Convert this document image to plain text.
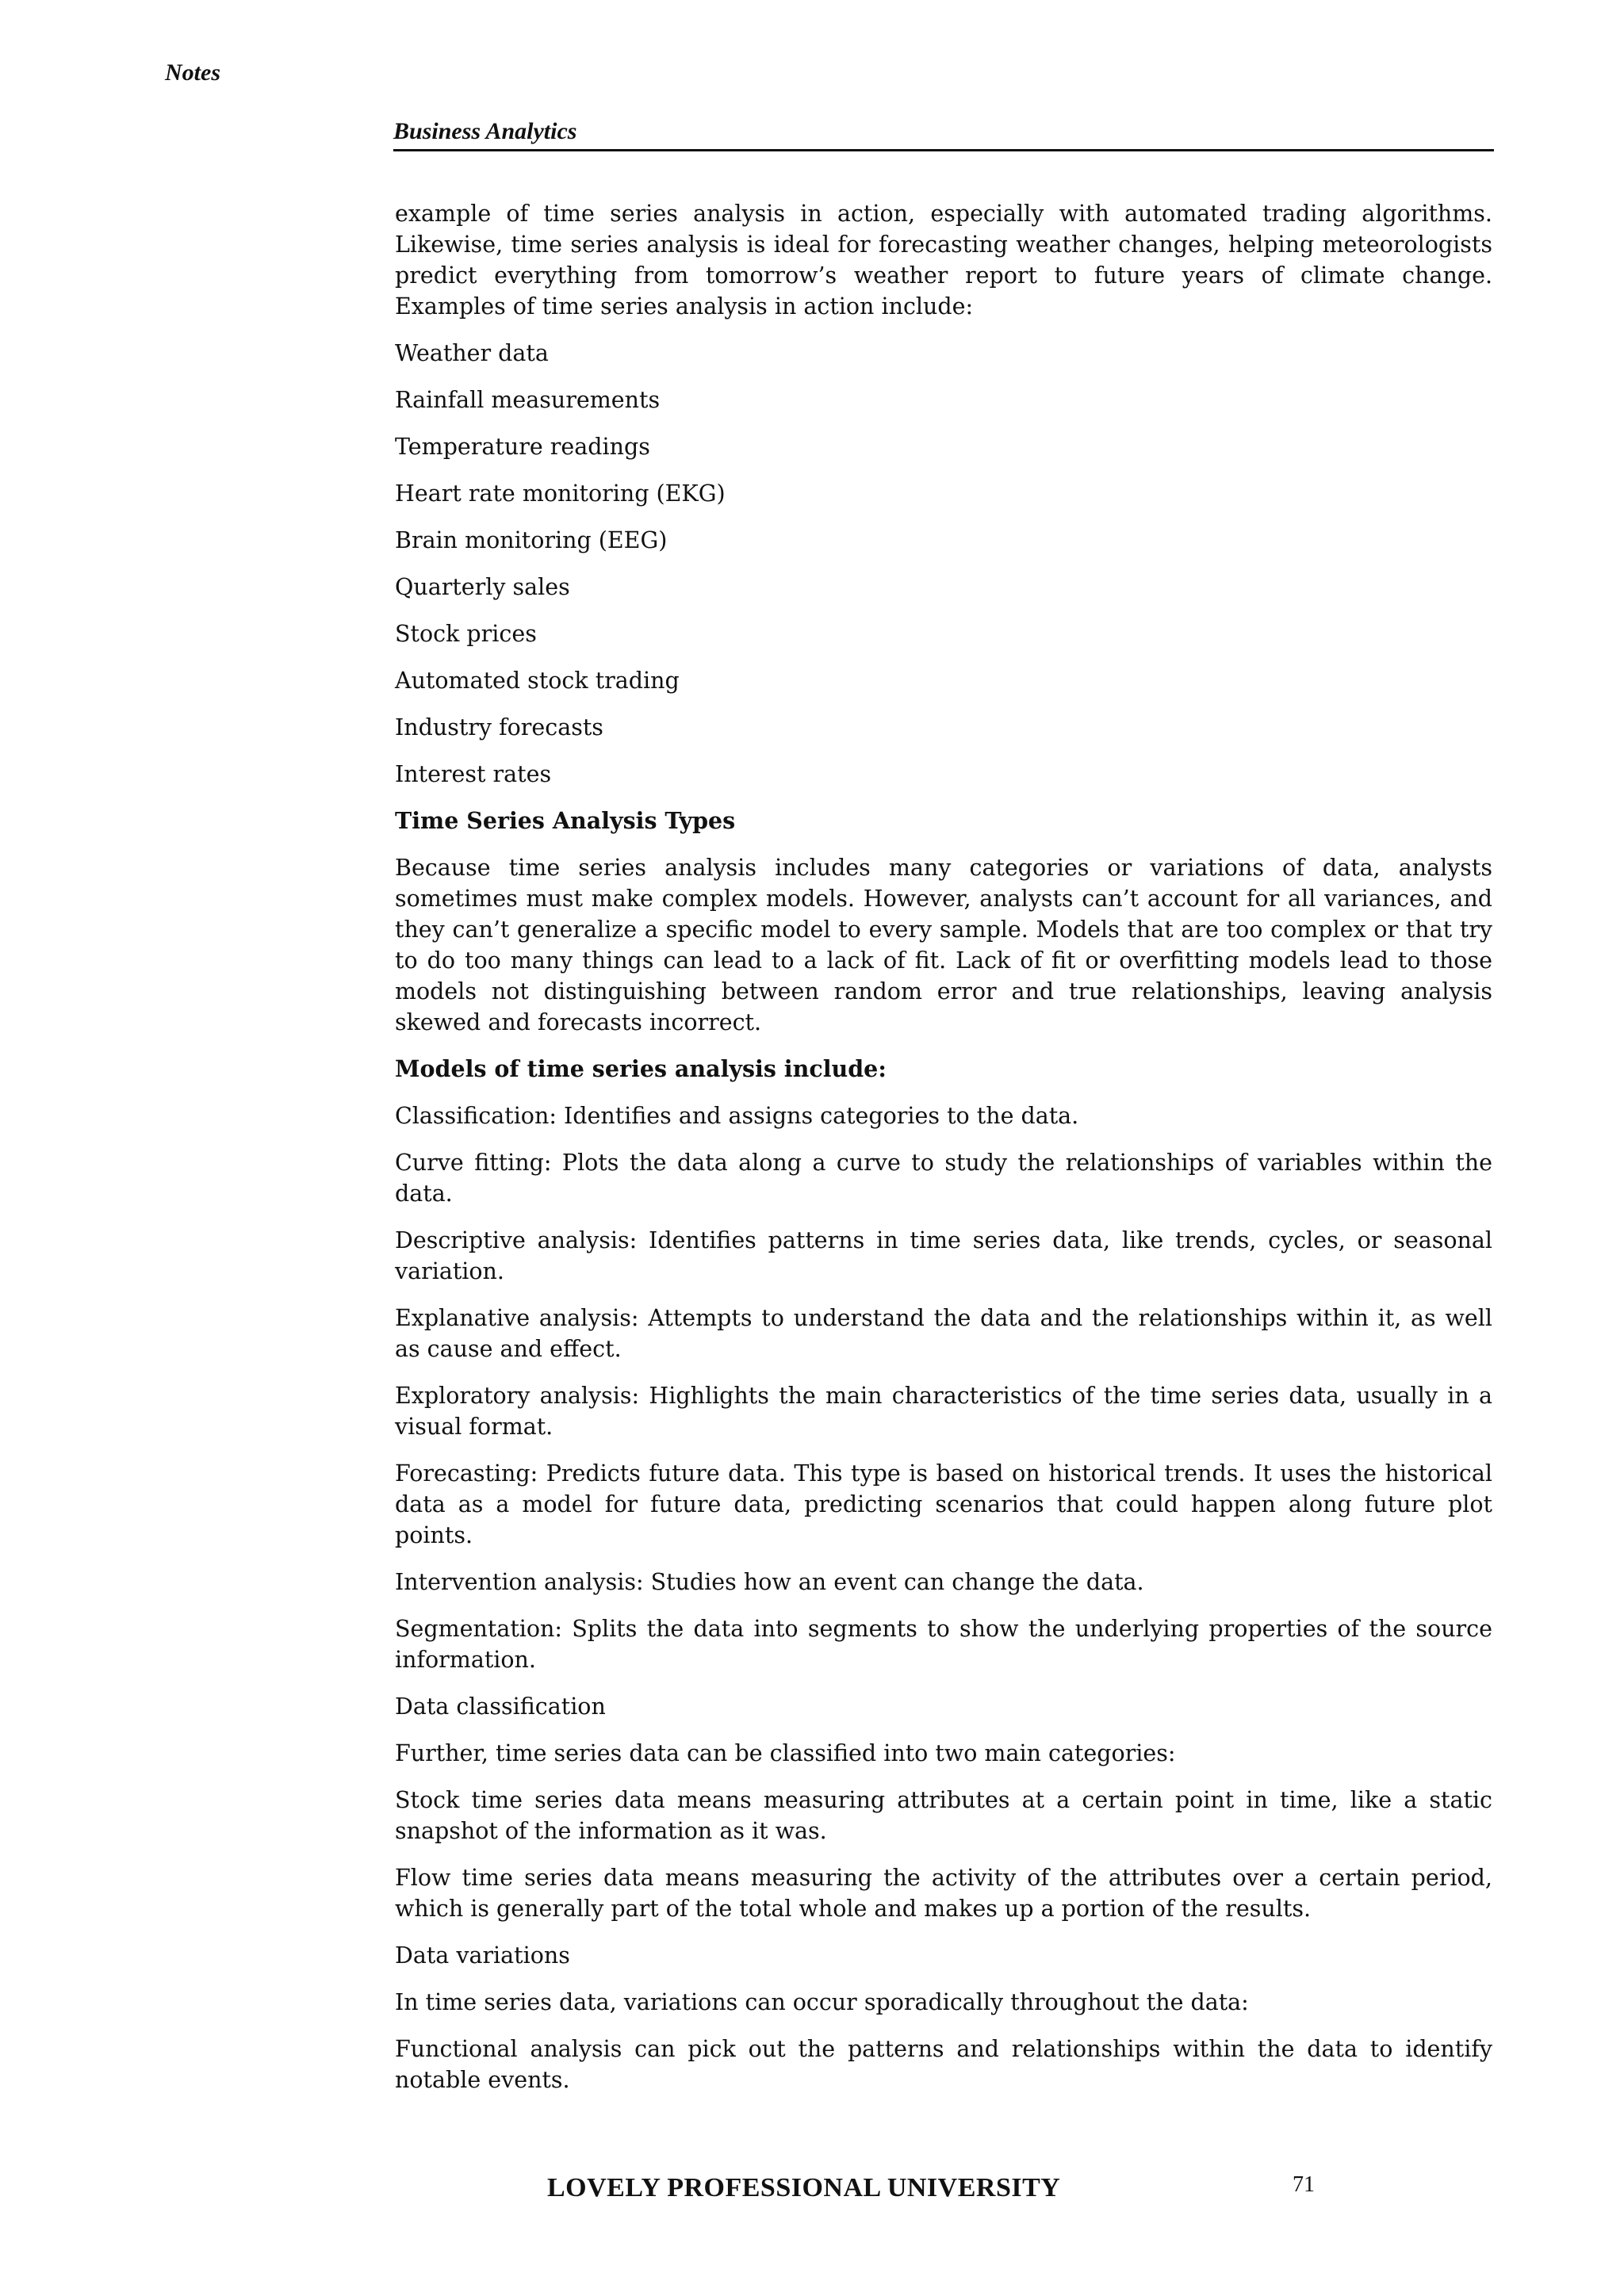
Notes
Business Analytics

example of time series analysis in action, especially with automated trading algorithms. Likewise, time series analysis is ideal for forecasting weather changes, helping meteorologists predict everything from tomorrow’s weather report to future years of climate change. Examples of time series analysis in action include:

Weather data

Rainfall measurements

Temperature readings

Heart rate monitoring (EKG)

Brain monitoring (EEG)

Quarterly sales

Stock prices

Automated stock trading

Industry forecasts

Interest rates

Time Series Analysis Types

Because time series analysis includes many categories or variations of data, analysts sometimes must make complex models. However, analysts can’t account for all variances, and they can’t generalize a specific model to every sample. Models that are too complex or that try to do too many things can lead to a lack of fit. Lack of fit or overfitting models lead to those models not distinguishing between random error and true relationships, leaving analysis skewed and forecasts incorrect.

Models of time series analysis include:

Classification: Identifies and assigns categories to the data.

Curve fitting: Plots the data along a curve to study the relationships of variables within the data.

Descriptive analysis: Identifies patterns in time series data, like trends, cycles, or seasonal variation.

Explanative analysis: Attempts to understand the data and the relationships within it, as well as cause and effect.

Exploratory analysis: Highlights the main characteristics of the time series data, usually in a visual format.

Forecasting: Predicts future data. This type is based on historical trends. It uses the historical data as a model for future data, predicting scenarios that could happen along future plot points.

Intervention analysis: Studies how an event can change the data.

Segmentation: Splits the data into segments to show the underlying properties of the source information.

Data classification

Further, time series data can be classified into two main categories:

Stock time series data means measuring attributes at a certain point in time, like a static snapshot of the information as it was.

Flow time series data means measuring the activity of the attributes over a certain period, which is generally part of the total whole and makes up a portion of the results.

Data variations

In time series data, variations can occur sporadically throughout the data:

Functional analysis can pick out the patterns and relationships within the data to identify notable events.

LOVELY PROFESSIONAL UNIVERSITY	71
